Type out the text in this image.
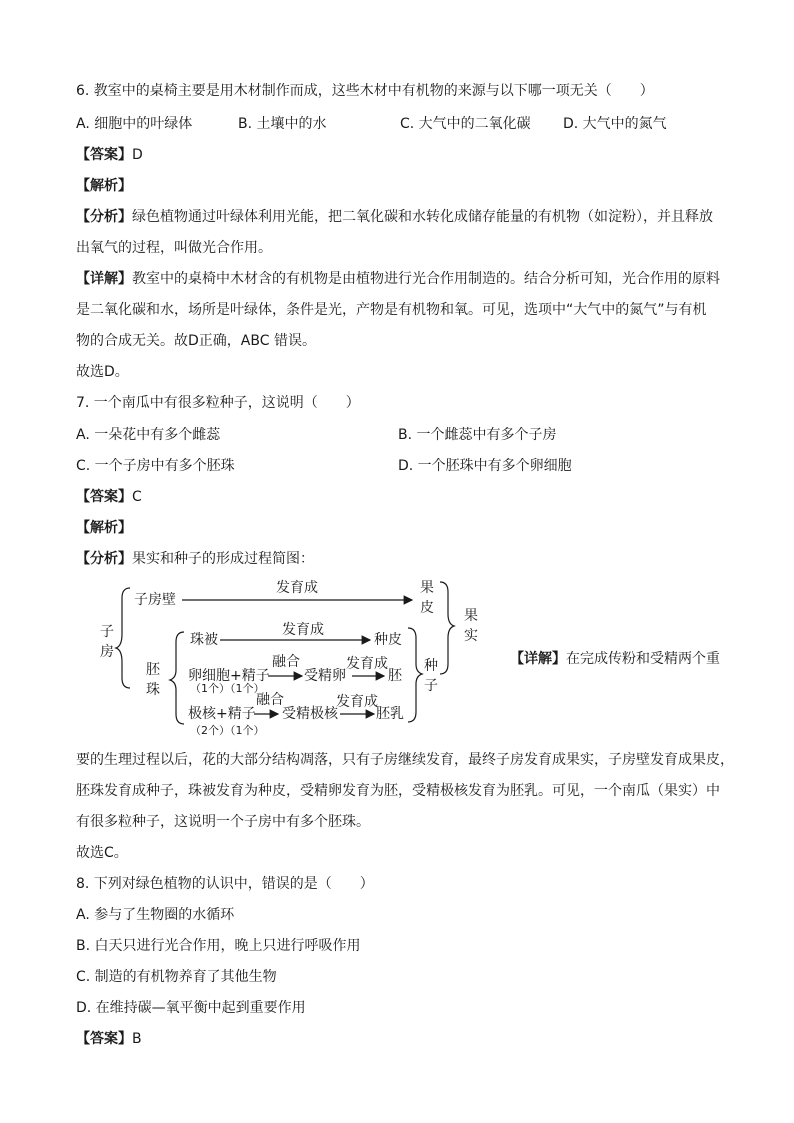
6. 教室中的桌椅主要是用木材制作而成，这些木材中有机物的来源与以下哪一项无关（　　）
A. 细胞中的叶绿体	B. 土壤中的水	C. 大气中的二氧化碳 D. 大气中的氮气
【答案】D
【解析】
【分析】绿色植物通过叶绿体利用光能，把二氧化碳和水转化成储存能量的有机物（如淀粉），并且释放
出氧气的过程，叫做光合作用。
【详解】教室中的桌椅中木材含的有机物是由植物进行光合作用制造的。结合分析可知，光合作用的原料
是二氧化碳和水，场所是叶绿体，条件是光，产物是有机物和氧。可见，选项中“大气中的氮气”与有机
物的合成无关。故D正确，ABC 错误。
故选D。
7. 一个南瓜中有很多粒种子，这说明（　　）
A. 一朵花中有多个雌蕊	B. 一个雌蕊中有多个子房
C. 一个子房中有多个胚珠	D. 一个胚珠中有多个卵细胞
【答案】C
【解析】
【分析】果实和种子的形成过程简图：
子
房
子房壁
发育成	果
皮
胚
珠
珠被
发育成
种皮
卵细胞+精子
（1个）（1个）
融合
受精卵
发育成
胚
极核+精子
（2个）（1个）
融合
受精极核
发育成
胚乳
种
子
果
实
【详解】在完成传粉和受精两个重
要的生理过程以后，花的大部分结构凋落，只有子房继续发育，最终子房发育成果实，子房壁发育成果皮，
胚珠发育成种子，珠被发育为种皮，受精卵发育为胚，受精极核发育为胚乳。可见，一个南瓜（果实）中
有很多粒种子，这说明一个子房中有多个胚珠。
故选C。
8. 下列对绿色植物的认识中，错误的是（　　）
A. 参与了生物圈的水循环
B. 白天只进行光合作用，晚上只进行呼吸作用
C. 制造的有机物养育了其他生物
D. 在维持碳—氧平衡中起到重要作用
【答案】B
